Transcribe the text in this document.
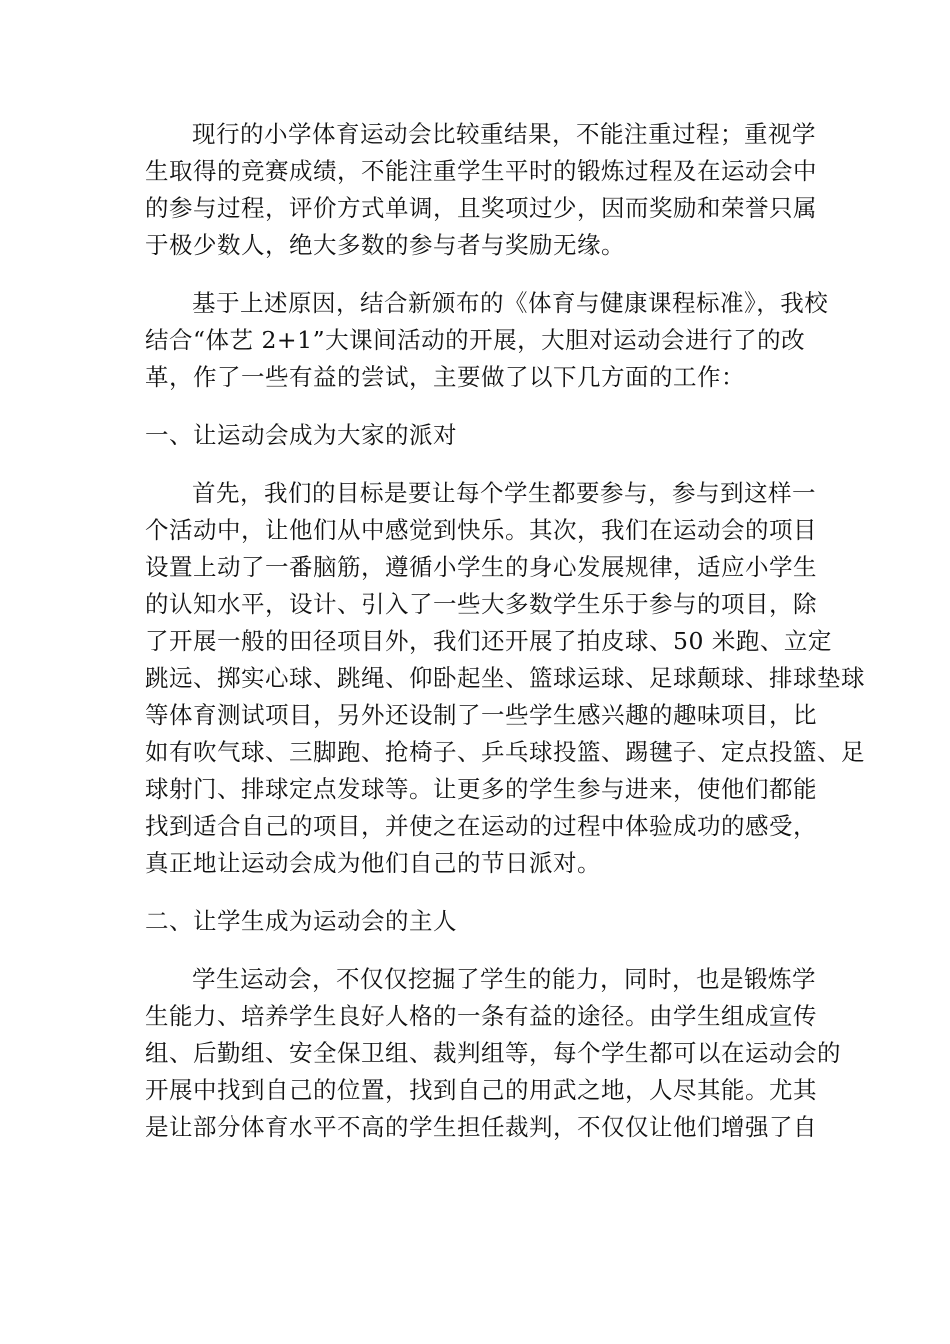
现行的小学体育运动会比较重结果，不能注重过程；重视学
生取得的竞赛成绩，不能注重学生平时的锻炼过程及在运动会中
的参与过程，评价方式单调，且奖项过少，因而奖励和荣誉只属
于极少数人，绝大多数的参与者与奖励无缘。
基于上述原因，结合新颁布的《体育与健康课程标准》，我校
结合“体艺 2+1”大课间活动的开展，大胆对运动会进行了的改
革，作了一些有益的尝试，主要做了以下几方面的工作：
一、让运动会成为大家的派对
首先，我们的目标是要让每个学生都要参与，参与到这样一
个活动中，让他们从中感觉到快乐。其次，我们在运动会的项目
设置上动了一番脑筋，遵循小学生的身心发展规律，适应小学生
的认知水平，设计、引入了一些大多数学生乐于参与的项目，除
了开展一般的田径项目外，我们还开展了拍皮球、50 米跑、立定
跳远、掷实心球、跳绳、仰卧起坐、篮球运球、足球颠球、排球垫球
等体育测试项目，另外还设制了一些学生感兴趣的趣味项目，比
如有吹气球、三脚跑、抢椅子、乒乓球投篮、踢毽子、定点投篮、足
球射门、排球定点发球等。让更多的学生参与进来，使他们都能
找到适合自己的项目，并使之在运动的过程中体验成功的感受，
真正地让运动会成为他们自己的节日派对。
二、让学生成为运动会的主人
学生运动会，不仅仅挖掘了学生的能力，同时，也是锻炼学
生能力、培养学生良好人格的一条有益的途径。由学生组成宣传
组、后勤组、安全保卫组、裁判组等，每个学生都可以在运动会的
开展中找到自己的位置，找到自己的用武之地，人尽其能。尤其
是让部分体育水平不高的学生担任裁判，不仅仅让他们增强了自
